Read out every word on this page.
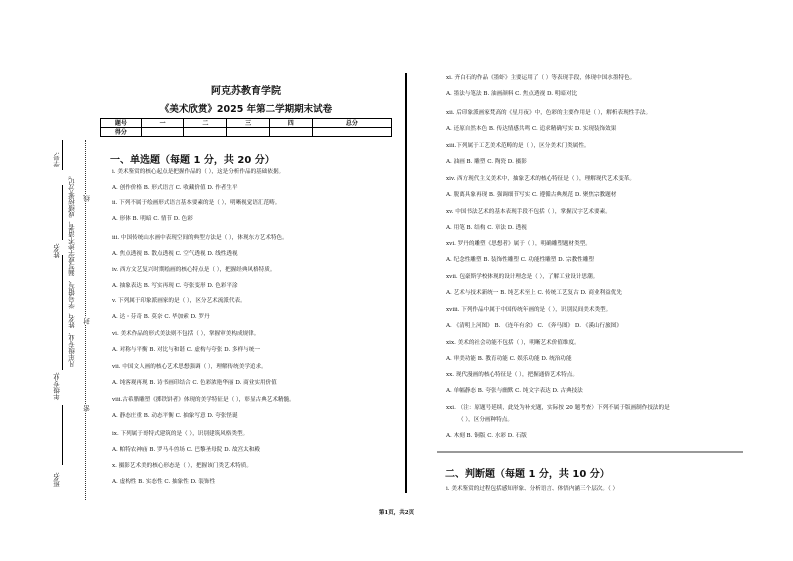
学号:
姓名:
年级专业:
班名:
凡年级专业、姓名、学号错写、漏写或字迹不清者，成绩按零分记。
密
封
线
阿克苏教育学院
《美术欣赏》2025 年第二学期期末试卷
题号	一	二	三	四	总分
得分					
一、单选题（每题 1 分，共 20 分）
i. 美术鉴赏的核心起点是把握作品的（ ），这是分析作品的基础依据。
A. 创作价格 B. 形式语言 C. 收藏价值 D. 作者生平
ii. 下列不属于绘画形式语言基本要素的是（ ），明晰视觉语汇范畴。
A. 形体 B. 明暗 C. 情节 D. 色彩
iii. 中国传统山水画中表现空间的典型方法是（ ），体现东方艺术特色。
A. 焦点透视 B. 散点透视 C. 空气透视 D. 线性透视
iv. 西方文艺复兴时期绘画的核心特点是（ ），把握经典风格特质。
A. 抽象表达 B. 写实再现 C. 夸张变形 D. 色彩平涂
v. 下列属于印象派画家的是（ ），区分艺术流派代表。
A. 达・芬奇 B. 莫奈 C. 毕加索 D. 罗丹
vi. 美术作品的形式美法则不包括（ ），掌握审美构成规律。
A. 对称与平衡 B. 对比与和谐 C. 虚构与夸张 D. 多样与统一
vii. 中国文人画的核心艺术思想强调（ ），理解传统美学追求。
A. 纯客观再现 B. 诗书画印结合 C. 色彩浓艳华丽 D. 商业实用价值
viii.古希腊雕塑《掷铁饼者》体现的美学特征是（ ），彰显古典艺术精髓。
A. 静态庄重 B. 动态平衡 C. 抽象写意 D. 夸张怪诞
ix. 下列属于哥特式建筑的是（ ），识别建筑风格类型。
A. 帕特农神庙 B. 罗马斗兽场 C. 巴黎圣母院 D. 故宫太和殿
x. 摄影艺术美的核心形态是（ ），把握该门类艺术特质。
A. 虚构性 B. 实态性 C. 抽象性 D. 装饰性
xi. 齐白石的作品《墨虾》主要运用了（ ）等表现手段，体现中国水墨特色。
A. 墨法与笔法 B. 油画颜料 C. 焦点透视 D. 明暗对比
xii. 后印象派画家梵高的《星月夜》中，色彩的主要作用是（ ），解析表现性手法。
A. 还原自然本色 B. 传达情感共鸣 C. 追求精确写实 D. 实现装饰效果
xiii.下列属于工艺美术范畴的是（ ），区分美术门类属性。
A. 油画 B. 雕塑 C. 陶瓷 D. 摄影
xiv. 西方现代主义美术中，抽象艺术的核心特征是（ ），理解现代艺术变革。
A. 脱离具象再现 B. 强调细节写实 C. 遵循古典规范 D. 聚焦宗教题材
xv. 中国书法艺术的基本表现手段不包括（ ），掌握汉字艺术要素。
A. 用笔 B. 结构 C. 章法 D. 透视
xvi. 罗丹的雕塑《思想者》属于（ ），明确雕塑题材类型。
A. 纪念性雕塑 B. 装饰性雕塑 C. 功能性雕塑 D. 宗教性雕塑
xvii. 包豪斯学校体现的设计理念是（ ），了解工业设计思潮。
A. 艺术与技术新统一 B. 纯艺术至上 C. 传统工艺复古 D. 商业利益优先
xviii. 下列作品中属于中国传统年画的是（ ），识别民间美术类型。
A. 《清明上河图》 B. 《连年有余》 C. 《奔马图》 D. 《溪山行旅图》
xix. 美术的社会功能不包括（ ），明晰艺术价值维度。
A. 审美功能 B. 教育功能 C. 娱乐功能 D. 统治功能
xx. 现代漫画的核心特征是（ ），把握通俗艺术特点。
A. 单幅静态 B. 夸张与幽默 C. 纯文字表达 D. 古典技法
xxi. （注：原题号延续，此处为补充题，实际按 20 题考查）下列不属于版画制作技法的是
（ ），区分画种特点。
A. 木刻 B. 铜版 C. 水彩 D. 石版
二、判断题（每题 1 分，共 10 分）
i. 美术鉴赏的过程包括感知形象、分析语言、体悟内涵三个层次。（ ）
第1页，共2页
